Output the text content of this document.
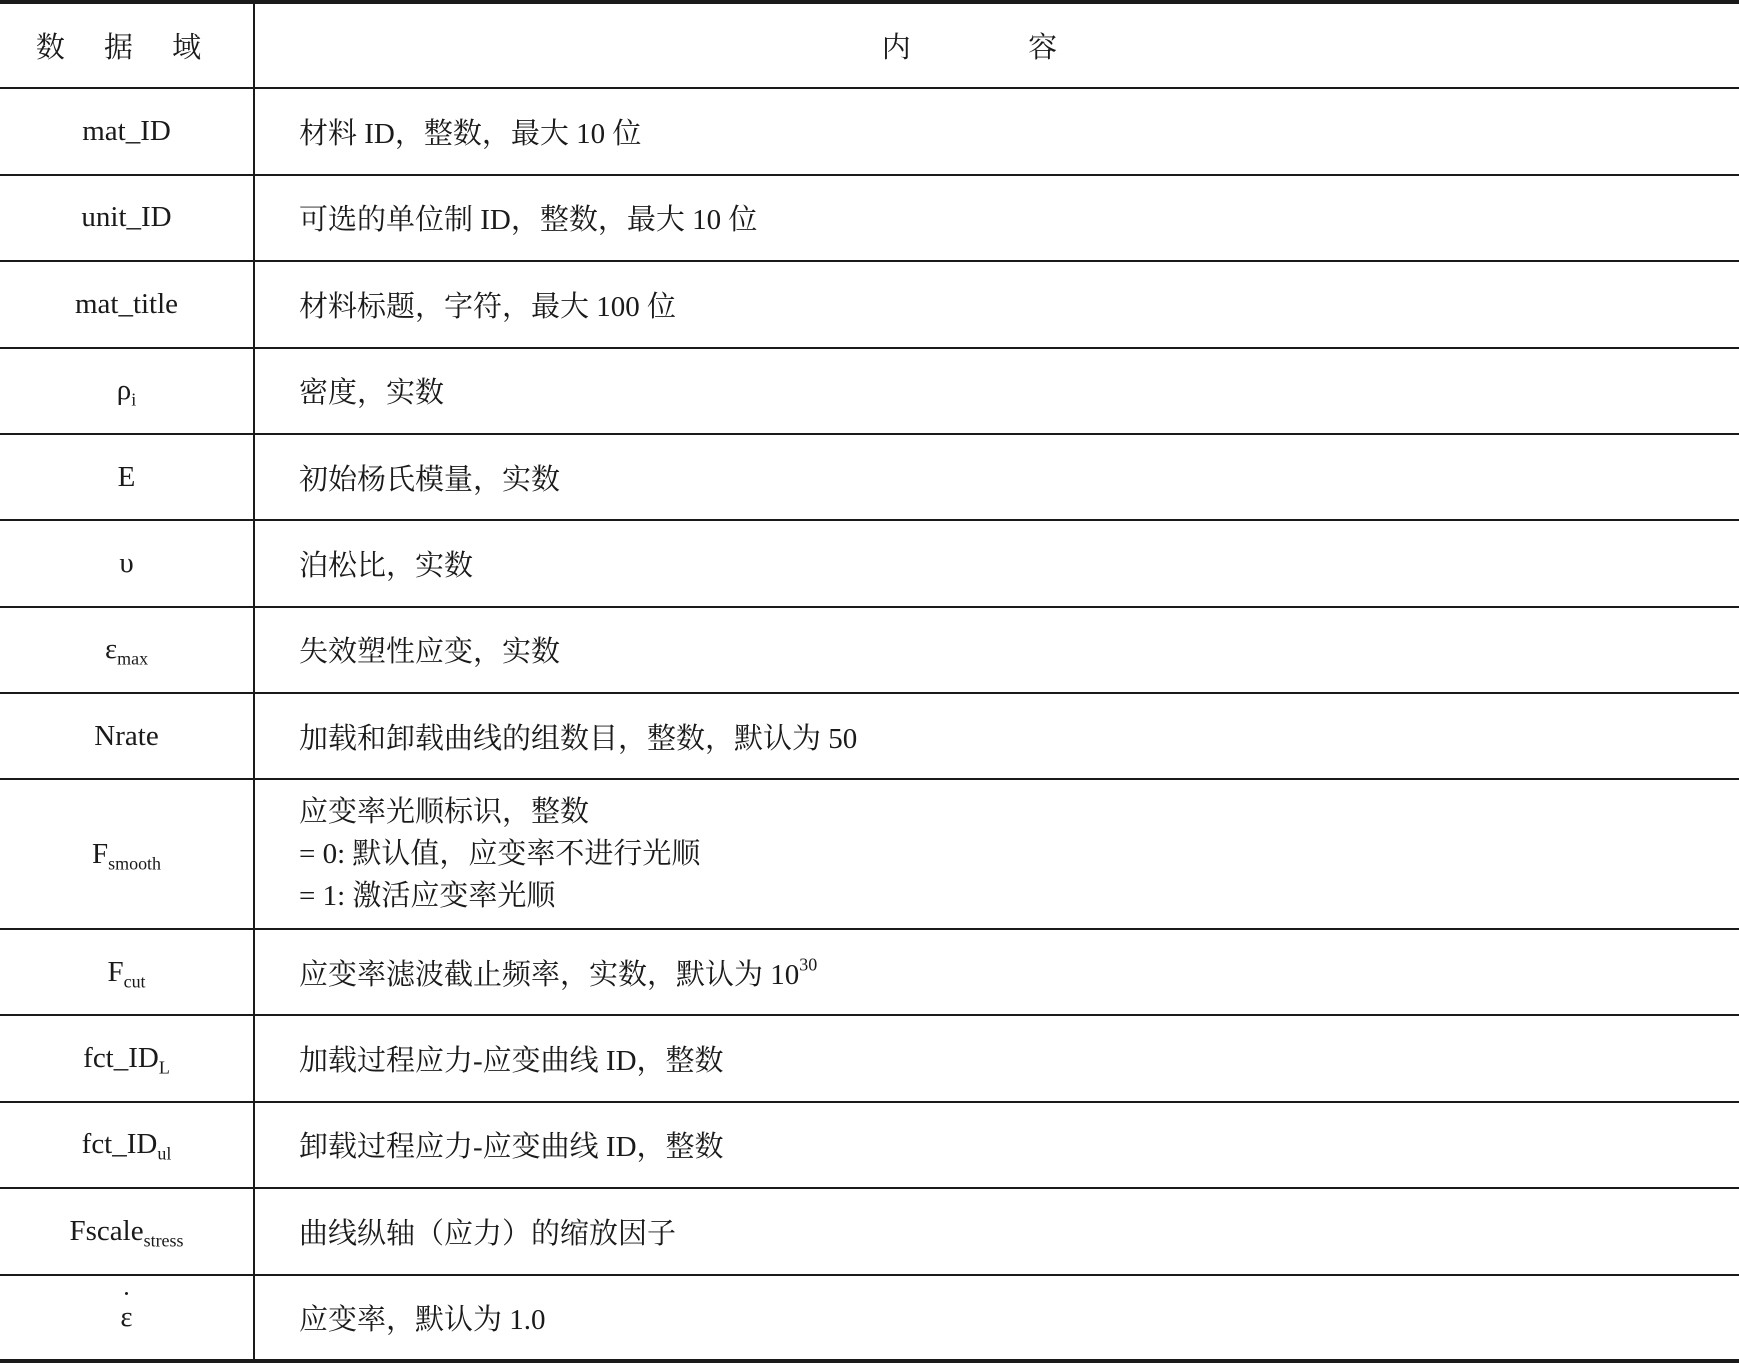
数 据 域	内 容
mat_ID	材料 ID，整数，最大 10 位
unit_ID	可选的单位制 ID，整数，最大 10 位
mat_title	材料标题，字符，最大 100 位
$\rho_i$	密度，实数
E	初始杨氏模量，实数
υ	泊松比，实数
$\varepsilon_{max}$	失效塑性应变，实数
Nrate	加载和卸载曲线的组数目，整数，默认为 50
$F_{smooth}$	应变率光顺标识，整数
= 0: 默认值，应变率不进行光顺
= 1: 激活应变率光顺

$F_{cut}$	应变率滤波截止频率，实数，默认为 $10^{30}$
$fct\_ID_L$	加载过程应力-应变曲线 ID，整数
$fct\_ID_{ul}$	卸载过程应力-应变曲线 ID，整数
Fscale$_{stress}$	曲线纵轴（应力）的缩放因子
ε ˙	应变率，默认为 1.0
